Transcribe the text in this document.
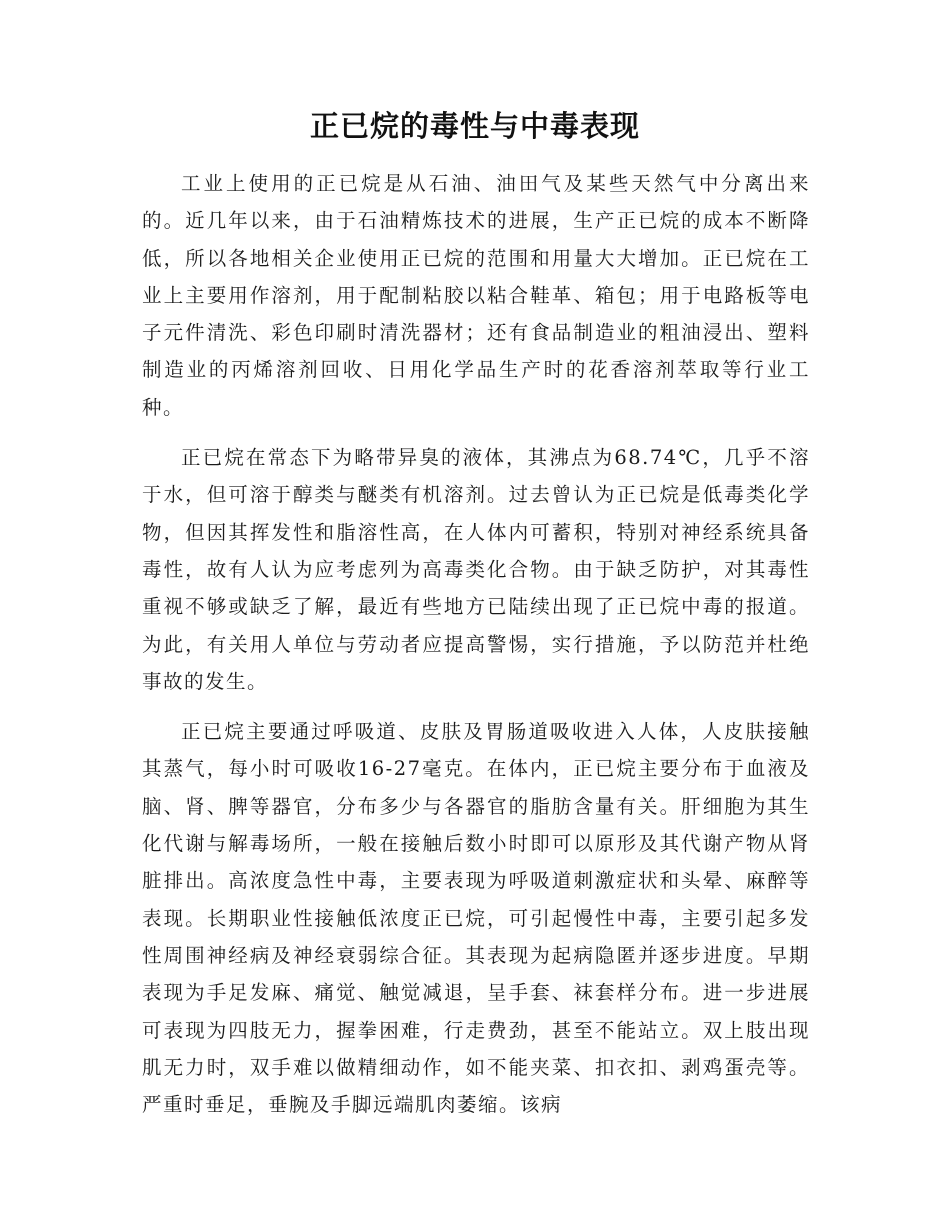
正已烷的毒性与中毒表现

工业上使用的正已烷是从石油、油田气及某些天然气中分离出来的。近几年以来，由于石油精炼技术的进展，生产正已烷的成本不断降低，所以各地相关企业使用正已烷的范围和用量大大增加。正已烷在工业上主要用作溶剂，用于配制粘胶以粘合鞋革、箱包；用于电路板等电子元件清洗、彩色印刷时清洗器材；还有食品制造业的粗油浸出、塑料制造业的丙烯溶剂回收、日用化学品生产时的花香溶剂萃取等行业工种。

正已烷在常态下为略带异臭的液体，其沸点为68.74℃，几乎不溶于水，但可溶于醇类与醚类有机溶剂。过去曾认为正已烷是低毒类化学物，但因其挥发性和脂溶性高，在人体内可蓄积，特别对神经系统具备毒性，故有人认为应考虑列为高毒类化合物。由于缺乏防护，对其毒性重视不够或缺乏了解，最近有些地方已陆续出现了正已烷中毒的报道。为此，有关用人单位与劳动者应提高警惕，实行措施，予以防范并杜绝事故的发生。

正已烷主要通过呼吸道、皮肤及胃肠道吸收进入人体，人皮肤接触其蒸气，每小时可吸收16-27毫克。在体内，正已烷主要分布于血液及脑、肾、脾等器官，分布多少与各器官的脂肪含量有关。肝细胞为其生化代谢与解毒场所，一般在接触后数小时即可以原形及其代谢产物从肾脏排出。高浓度急性中毒，主要表现为呼吸道刺激症状和头晕、麻醉等表现。长期职业性接触低浓度正已烷，可引起慢性中毒，主要引起多发性周围神经病及神经衰弱综合征。其表现为起病隐匿并逐步进度。早期表现为手足发麻、痛觉、触觉减退，呈手套、袜套样分布。进一步进展可表现为四肢无力，握拳困难，行走费劲，甚至不能站立。双上肢出现肌无力时，双手难以做精细动作，如不能夹菜、扣衣扣、剥鸡蛋壳等。严重时垂足，垂腕及手脚远端肌肉萎缩。该病
